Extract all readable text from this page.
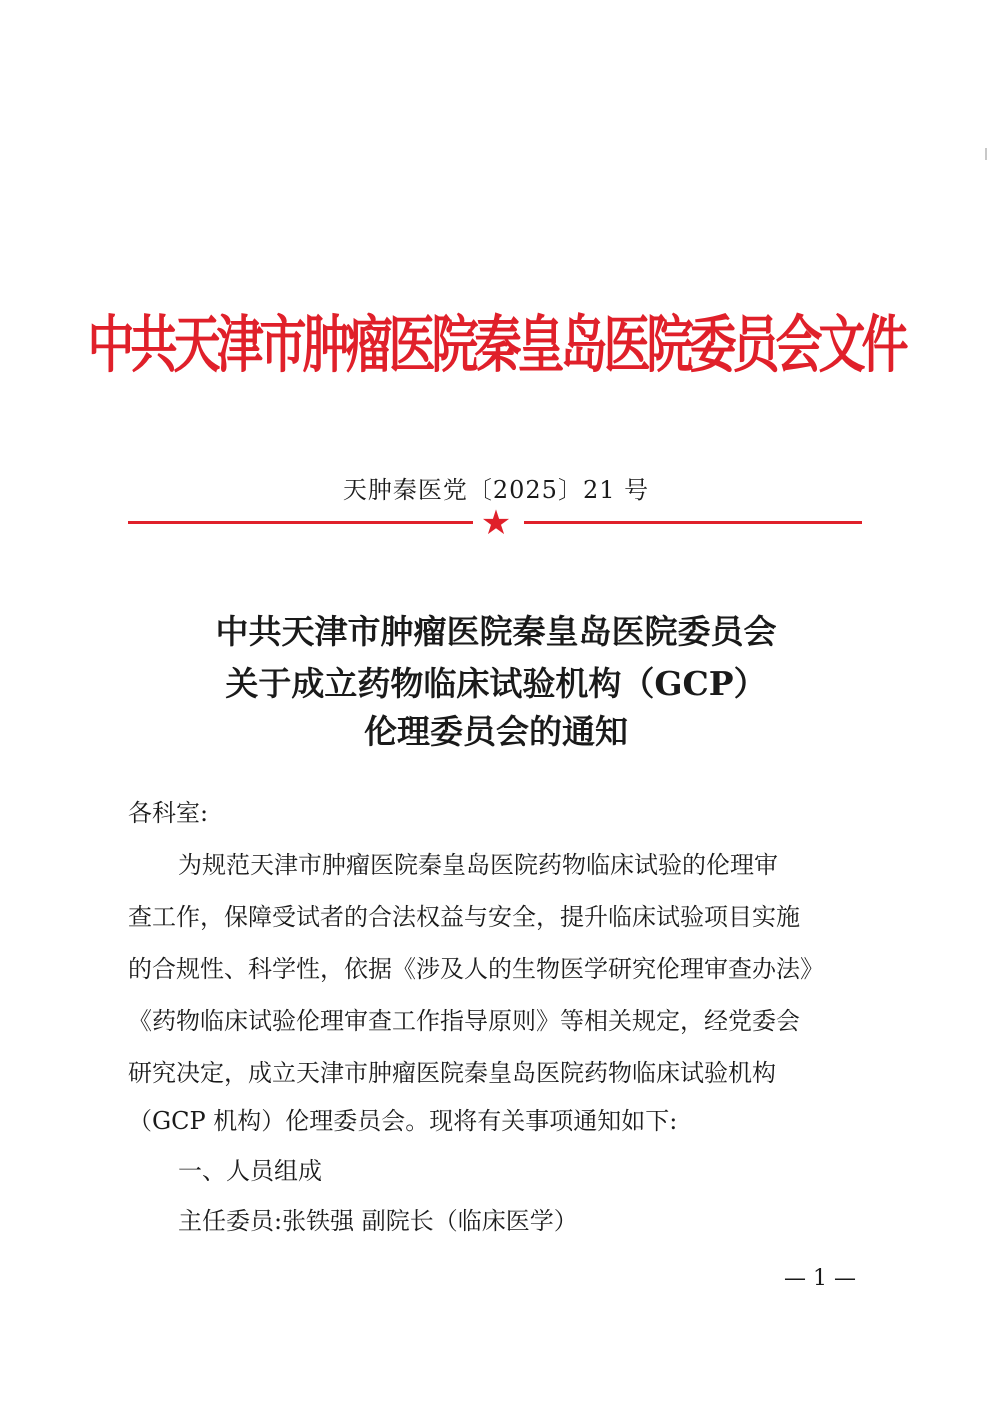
中共天津市肿瘤医院秦皇岛医院委员会文件
天肿秦医党〔2025〕21 号
★
中共天津市肿瘤医院秦皇岛医院委员会
关于成立药物临床试验机构（GCP）
伦理委员会的通知
各科室:
为规范天津市肿瘤医院秦皇岛医院药物临床试验的伦理审
查工作，保障受试者的合法权益与安全，提升临床试验项目实施
的合规性、科学性，依据《涉及人的生物医学研究伦理审查办法》
《药物临床试验伦理审查工作指导原则》等相关规定，经党委会
研究决定，成立天津市肿瘤医院秦皇岛医院药物临床试验机构
（GCP 机构）伦理委员会。现将有关事项通知如下:
一、人员组成
主任委员:张铁强 副院长（临床医学）
— 1 —
